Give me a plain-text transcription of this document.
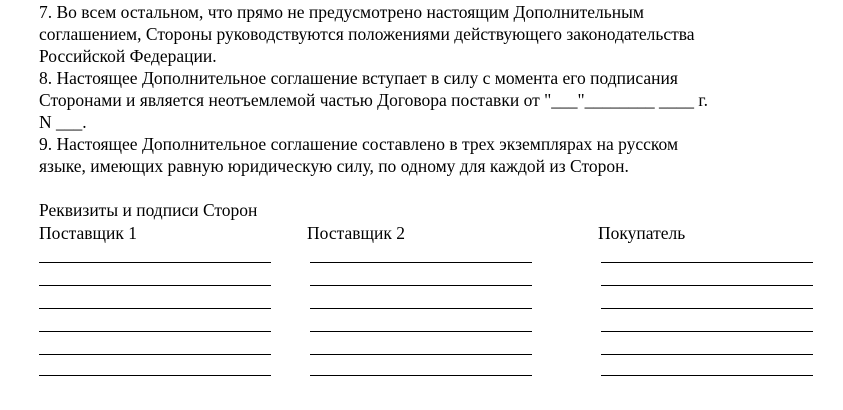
7. Во всем остальном, что прямо не предусмотрено настоящим Дополнительным
соглашением, Стороны руководствуются положениями действующего законодательства
Российской Федерации.
8. Настоящее Дополнительное соглашение вступает в силу с момента его подписания
Сторонами и является неотъемлемой частью Договора поставки от "___"________ ____ г.
N ___.
9. Настоящее Дополнительное соглашение составлено в трех экземплярах на русском
языке, имеющих равную юридическую силу, по одному для каждой из Сторон.
Реквизиты и подписи Сторон
Поставщик 1	Поставщик 2	Покупатель
